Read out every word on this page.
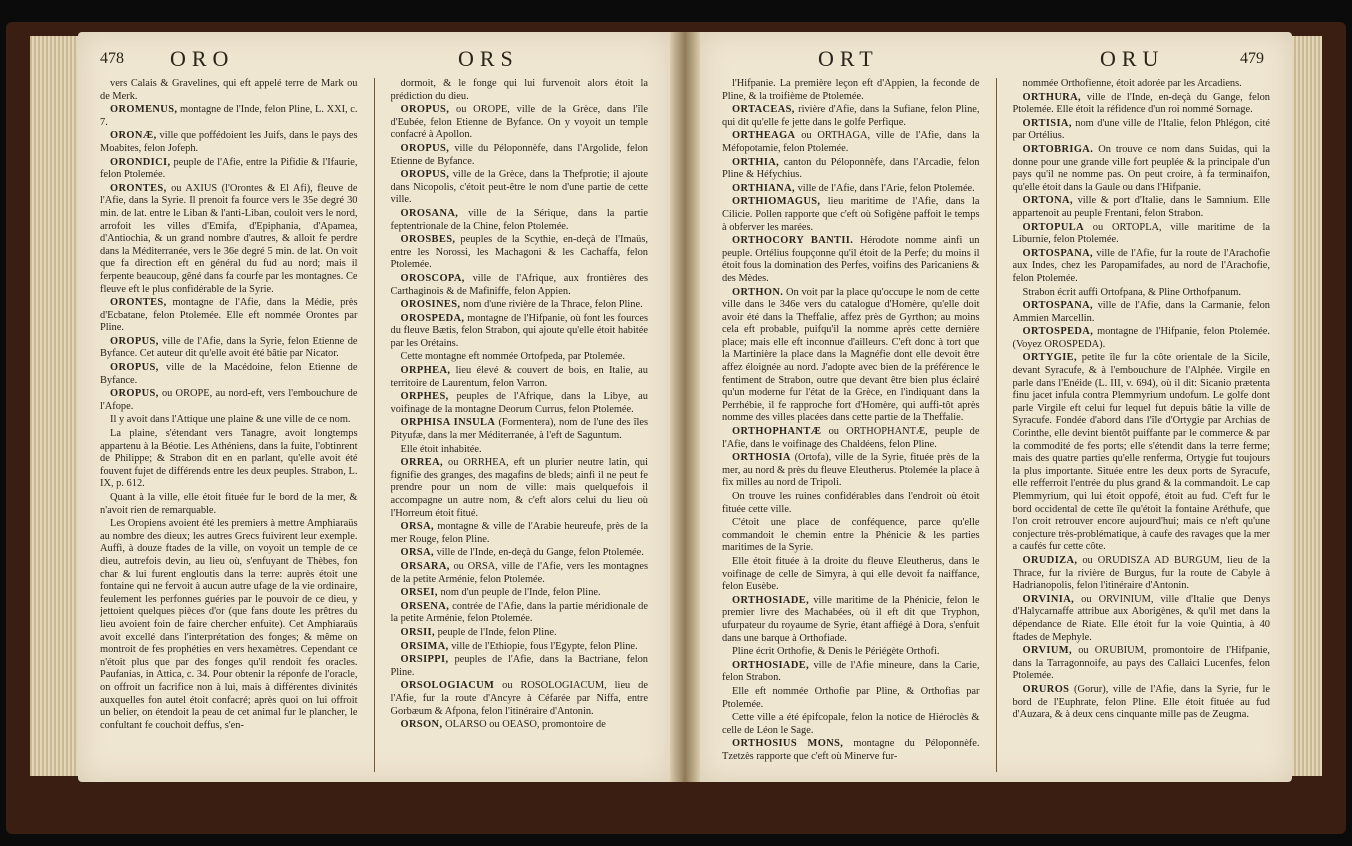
478 ORO	ORS

vers Calais & Gravelines, qui eft appelé terre de Mark ou de Merk.

OROMENUS, montagne de l'Inde, felon Pline, L. XXI, c. 7.

ORONÆ, ville que poffédoient les Juifs, dans le pays des Moabites, felon Jofeph.

ORONDICI, peuple de l'Afie, entre la Pifidie & l'Ifaurie, felon Ptolemée.

ORONTES, ou AXIUS (l'Orontes & El Afi), fleuve de l'Afie, dans la Syrie. Il prenoit fa fource vers le 35e degré 30 min. de lat. entre le Liban & l'anti-Liban, couloit vers le nord, arrofoit les villes d'Emifa, d'Epiphania, d'Apamea, d'Antiochia, & un grand nombre d'autres, & alloit fe perdre dans la Méditerranée, vers le 36e degré 5 min. de lat. On voit que fa direction eft en général du fud au nord; mais il ferpente beaucoup, gêné dans fa courfe par les montagnes. Ce fleuve eft le plus confidérable de la Syrie.

ORONTES, montagne de l'Afie, dans la Médie, près d'Ecbatane, felon Ptolemée. Elle eft nommée Orontes par Pline.

OROPUS, ville de l'Afie, dans la Syrie, felon Etienne de Byfance. Cet auteur dit qu'elle avoit été bâtie par Nicator.

OROPUS, ville de la Macédoine, felon Etienne de Byfance.

OROPUS, ou OROPE, au nord-eft, vers l'embouchure de l'Afope.

Il y avoit dans l'Attique une plaine & une ville de ce nom.

La plaine, s'étendant vers Tanagre, avoit longtemps appartenu à la Béotie. Les Athéniens, dans la fuite, l'obtinrent de Philippe; & Strabon dit en en parlant, qu'elle avoit été fouvent fujet de différends entre les deux peuples. Strabon, L. IX, p. 612.

Quant à la ville, elle étoit fituée fur le bord de la mer, & n'avoit rien de remarquable.

Les Oropiens avoient été les premiers à mettre Amphiaraüs au nombre des dieux; les autres Grecs fuivirent leur exemple. Auffi, à douze ftades de la ville, on voyoit un temple de ce dieu, autrefois devin, au lieu où, s'enfuyant de Thèbes, fon char & lui furent engloutis dans la terre: auprès étoit une fontaine qui ne fervoit à aucun autre ufage de la vie ordinaire, feulement les perfonnes guéries par le pouvoir de ce dieu, y jettoient quelques pièces d'or (que fans doute les prêtres du lieu avoient foin de faire chercher enfuite). Cet Amphiaraüs avoit excellé dans l'interprétation des fonges; & même on montroit de fes prophéties en vers hexamètres. Cependant ce n'étoit plus que par des fonges qu'il rendoit fes oracles. Paufanias, in Attica, c. 34. Pour obtenir la réponfe de l'oracle, on offroit un facrifice non à lui, mais à différentes divinités auxquelles fon autel étoit confacré; après quoi on lui offroit un belier, on étendoit la peau de cet animal fur le plancher, le confultant fe couchoit deffus, s'en-

dormoit, & le fonge qui lui furvenoit alors étoit la prédiction du dieu.

OROPUS, ou OROPE, ville de la Grèce, dans l'île d'Eubée, felon Etienne de Byfance. On y voyoit un temple confacré à Apollon.

OROPUS, ville du Péloponnèfe, dans l'Argolide, felon Etienne de Byfance.

OROPUS, ville de la Grèce, dans la Thefprotie; il ajoute dans Nicopolis, c'étoit peut-être le nom d'une partie de cette ville.

OROSANA, ville de la Sérique, dans la partie feptentrionale de la Chine, felon Ptolemée.

OROSBES, peuples de la Scythie, en-deçà de l'Imaüs, entre les Norossi, les Machagoni & les Cachaffa, felon Ptolemée.

OROSCOPA, ville de l'Afrique, aux frontières des Carthaginois & de Mafiniffe, felon Appien.

OROSINES, nom d'une rivière de la Thrace, felon Pline.

OROSPEDA, montagne de l'Hifpanie, où font les fources du fleuve Bætis, felon Strabon, qui ajoute qu'elle étoit habitée par les Orétains.

Cette montagne eft nommée Ortofpeda, par Ptolemée.

ORPHEA, lieu élevé & couvert de bois, en Italie, au territoire de Laurentum, felon Varron.

ORPHES, peuples de l'Afrique, dans la Libye, au voifinage de la montagne Deorum Currus, felon Ptolemée.

ORPHISA INSULA (Formentera), nom de l'une des îles Pityufæ, dans la mer Méditerranée, à l'eft de Saguntum.

Elle étoit inhabitée.

ORREA, ou ORRHEA, eft un plurier neutre latin, qui fignifie des granges, des magafins de bleds; ainfi il ne peut fe prendre pour un nom de ville: mais quelquefois il accompagne un autre nom, & c'eft alors celui du lieu où l'Horreum étoit fitué.

ORSA, montagne & ville de l'Arabie heureufe, près de la mer Rouge, felon Pline.

ORSA, ville de l'Inde, en-deçà du Gange, felon Ptolemée.

ORSARA, ou ORSA, ville de l'Afie, vers les montagnes de la petite Arménie, felon Ptolemée.

ORSEI, nom d'un peuple de l'Inde, felon Pline.

ORSENA, contrée de l'Afie, dans la partie méridionale de la petite Arménie, felon Ptolemée.

ORSII, peuple de l'Inde, felon Pline.

ORSIMA, ville de l'Ethiopie, fous l'Egypte, felon Pline.

ORSIPPI, peuples de l'Afie, dans la Bactriane, felon Pline.

ORSOLOGIACUM ou ROSOLOGIACUM, lieu de l'Afie, fur la route d'Ancyre à Céfarée par Niffa, entre Gorbæum & Afpona, felon l'itinéraire d'Antonin.

ORSON, OLARSO ou OEASO, promontoire de

ORT	ORU	479

l'Hifpanie. La première leçon eft d'Appien, la feconde de Pline, & la troifième de Ptolemée.

ORTACEAS, rivière d'Afie, dans la Sufiane, felon Pline, qui dit qu'elle fe jette dans le golfe Perfique.

ORTHEAGA ou ORTHAGA, ville de l'Afie, dans la Méfopotamie, felon Ptolemée.

ORTHIA, canton du Péloponnèfe, dans l'Arcadie, felon Pline & Héfychius.

ORTHIANA, ville de l'Afie, dans l'Arie, felon Ptolemée.

ORTHIOMAGUS, lieu maritime de l'Afie, dans la Cilicie. Pollen rapporte que c'eft où Sofigène paffoit le temps à obferver les marées.

ORTHOCORY BANTII. Hérodote nomme ainfi un peuple. Ortélius foupçonne qu'il étoit de la Perfe; du moins il étoit fous la domination des Perfes, voifins des Paricaniens & des Mèdes.

ORTHON. On voit par la place qu'occupe le nom de cette ville dans le 346e vers du catalogue d'Homère, qu'elle doit avoir été dans la Theffalie, affez près de Gyrthon; au moins cela eft probable, puifqu'il la nomme après cette dernière place; mais elle eft inconnue d'ailleurs. C'eft donc à tort que la Martinière la place dans la Magnéfie dont elle devoit être affez éloignée au nord. J'adopte avec bien de la préférence le fentiment de Strabon, outre que devant être bien plus éclairé qu'un moderne fur l'état de la Grèce, en l'indiquant dans la Perrhébie, il fe rapproche fort d'Homère, qui auffi-tôt après nomme des villes placées dans cette partie de la Theffalie.

ORTHOPHANTÆ ou ORTHOPHANTÆ, peuple de l'Afie, dans le voifinage des Chaldéens, felon Pline.

ORTHOSIA (Ortofa), ville de la Syrie, fituée près de la mer, au nord & près du fleuve Eleutherus. Ptolemée la place à fix milles au nord de Tripoli.

On trouve les ruines confidérables dans l'endroit où étoit fituée cette ville.

C'étoit une place de conféquence, parce qu'elle commandoit le chemin entre la Phénicie & les parties maritimes de la Syrie.

Elle étoit fituée à la droite du fleuve Eleutherus, dans le voifinage de celle de Simyra, à qui elle devoit fa naiffance, felon Eusèbe.

ORTHOSIADE, ville maritime de la Phénicie, felon le premier livre des Machabées, où il eft dit que Tryphon, ufurpateur du royaume de Syrie, étant affiégé à Dora, s'enfuit dans une barque à Orthofiade.

Pline écrit Orthofie, & Denis le Périégète Orthofi.

ORTHOSIADE, ville de l'Afie mineure, dans la Carie, felon Strabon.

Elle eft nommée Orthofie par Pline, & Orthofias par Ptolemée.

Cette ville a été épifcopale, felon la notice de Hiéroclès & celle de Léon le Sage.

ORTHOSIUS MONS, montagne du Péloponnèfe. Tzetzès rapporte que c'eft où Minerve fur-

nommée Orthofienne, étoit adorée par les Arcadiens.

ORTHURA, ville de l'Inde, en-deçà du Gange, felon Ptolemée. Elle étoit la réfidence d'un roi nommé Sornage.

ORTISIA, nom d'une ville de l'Italie, felon Phlégon, cité par Ortélius.

ORTOBRIGA. On trouve ce nom dans Suidas, qui la donne pour une grande ville fort peuplée & la principale d'un pays qu'il ne nomme pas. On peut croire, à fa terminaifon, qu'elle étoit dans la Gaule ou dans l'Hifpanie.

ORTONA, ville & port d'Italie, dans le Samnium. Elle appartenoit au peuple Frentani, felon Strabon.

ORTOPULA ou ORTOPLA, ville maritime de la Liburnie, felon Ptolemée.

ORTOSPANA, ville de l'Afie, fur la route de l'Arachofie aux Indes, chez les Paropamifades, au nord de l'Arachofie, felon Ptolemée.

Strabon écrit auffi Ortofpana, & Pline Orthofpanum.

ORTOSPANA, ville de l'Afie, dans la Carmanie, felon Ammien Marcellin.

ORTOSPEDA, montagne de l'Hifpanie, felon Ptolemée. (Voyez OROSPEDA).

ORTYGIE, petite île fur la côte orientale de la Sicile, devant Syracufe, & à l'embouchure de l'Alphée. Virgile en parle dans l'Enéide (L. III, v. 694), où il dit: Sicanio prætenta finu jacet infula contra Plemmyrium undofum. Le golfe dont parle Virgile eft celui fur lequel fut depuis bâtie la ville de Syracufe. Fondée d'abord dans l'île d'Ortygie par Archias de Corinthe, elle devint bientôt puiffante par le commerce & par la commodité de fes ports; elle s'étendit dans la terre ferme; mais des quatre parties qu'elle renferma, Ortygie fut toujours la plus importante. Située entre les deux ports de Syracufe, elle refferroit l'entrée du plus grand & la commandoit. Le cap Plemmyrium, qui lui étoit oppofé, étoit au fud. C'eft fur le bord occidental de cette île qu'étoit la fontaine Aréthufe, que l'on croit retrouver encore aujourd'hui; mais ce n'eft qu'une conjecture très-problématique, à caufe des ravages que la mer a caufés fur cette côte.

ORUDIZA, ou ORUDISZA AD BURGUM, lieu de la Thrace, fur la rivière de Burgus, fur la route de Cabyle à Hadrianopolis, felon l'itinéraire d'Antonin.

ORVINIA, ou ORVINIUM, ville d'Italie que Denys d'Halycarnaffe attribue aux Aborigènes, & qu'il met dans la dépendance de Riate. Elle étoit fur la voie Quintia, à 40 ftades de Mephyle.

ORVIUM, ou ORUBIUM, promontoire de l'Hifpanie, dans la Tarragonnoife, au pays des Callaici Lucenfes, felon Ptolemée.

ORUROS (Gorur), ville de l'Afie, dans la Syrie, fur le bord de l'Euphrate, felon Pline. Elle étoit fituée au fud d'Auzara, & à deux cens cinquante mille pas de Zeugma.
